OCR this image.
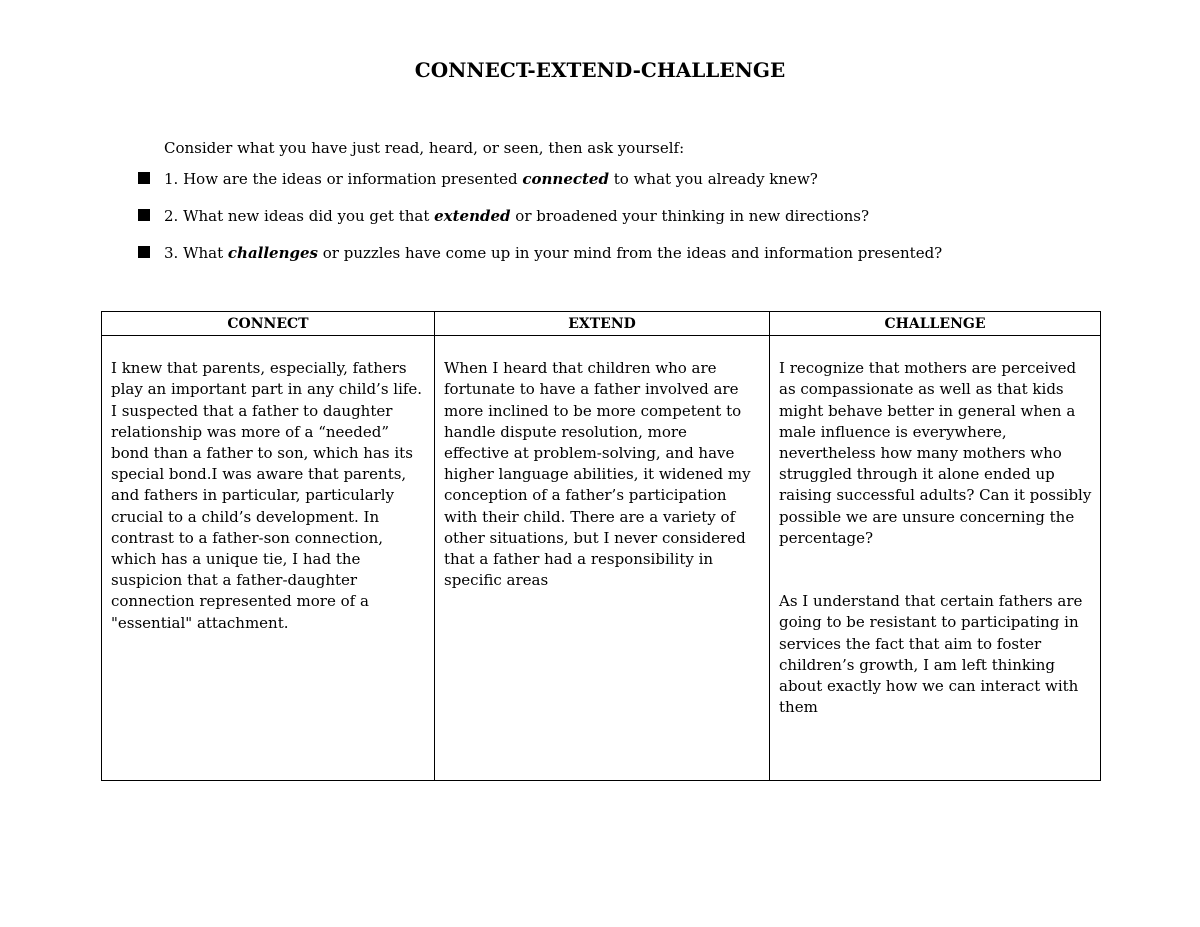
CONNECT-EXTEND-CHALLENGE
Consider what you have just read, heard, or seen, then ask yourself:
1. How are the ideas or information presented connected to what you already knew?
2. What new ideas did you get that extended or broadened your thinking in new directions?
3. What challenges or puzzles have come up in your mind from the ideas and information presented?
CONNECT

I knew that parents, especially, fathers
play an important part in any child’s life.
I suspected that a father to daughter
relationship was more of a “needed”
bond than a father to son, which has its
special bond.I was aware that parents,
and fathers in particular, particularly
crucial to a child’s development. In
contrast to a father-son connection,
which has a unique tie, I had the
suspicion that a father-daughter
connection represented more of a
"essential" attachment.

EXTEND

When I heard that children who are
fortunate to have a father involved are
more inclined to be more competent to
handle dispute resolution, more
effective at problem-solving, and have
higher language abilities, it widened my
conception of a father’s participation
with their child. There are a variety of
other situations, but I never considered
that a father had a responsibility in
specific areas

CHALLENGE

I recognize that mothers are perceived
as compassionate as well as that kids
might behave better in general when a
male influence is everywhere,
nevertheless how many mothers who
struggled through it alone ended up
raising successful adults? Can it possibly
possible we are unsure concerning the
percentage?

As I understand that certain fathers are
going to be resistant to participating in
services the fact that aim to foster
children’s growth, I am left thinking
about exactly how we can interact with
them
